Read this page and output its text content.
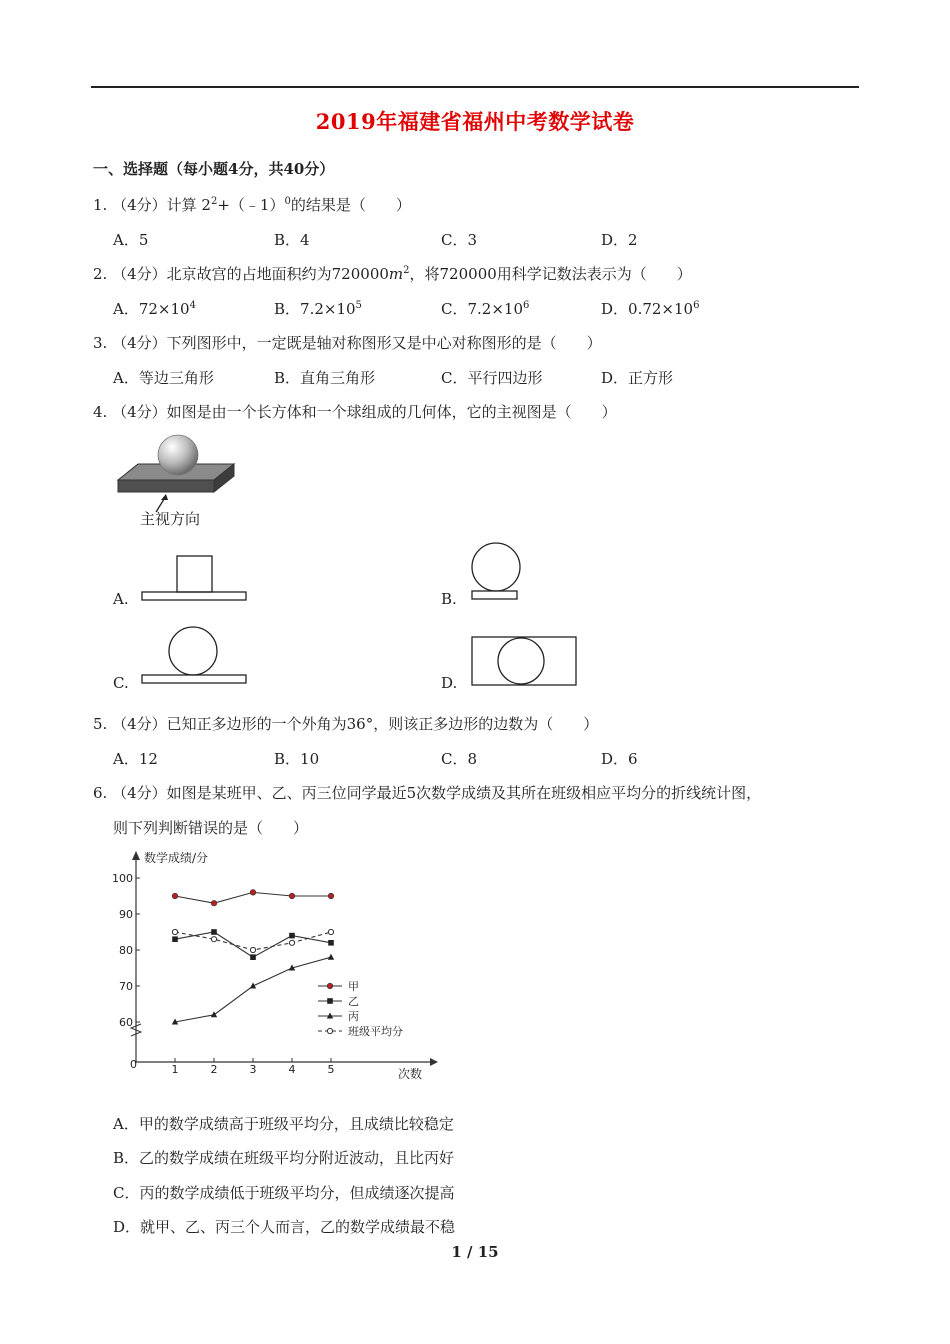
2019年福建省福州中考数学试卷
一、选择题（每小题4分，共40分）
1. （4分）计算 $2^2+(﹣1)^0$的结果是（　　）
A．5	B．4	C．3	D．2
2. （4分）北京故宫的占地面积约为$720000m^2$，将720000用科学记数法表示为（　　）
A．$72\times 10^4$	B．$7.2\times 10^5$	C．$7.2\times 10^6$	D．$0.72\times 10^6$
3. （4分）下列图形中，一定既是轴对称图形又是中心对称图形的是（　　）
A．等边三角形	B．直角三角形	C．平行四边形	D．正方形
4. （4分）如图是由一个长方体和一个球组成的几何体，它的主视图是（　　）
主视方向
A.	B.
C.	D.
5. （4分）已知正多边形的一个外角为36°，则该正多边形的边数为（　　）
A．12	B．10	C．8	D．6
6. （4分）如图是某班甲、乙、丙三位同学最近5次数学成绩及其所在班级相应平均分的折线统计图，
则下列判断错误的是（　　）
数学成绩/分
次数
0
100
90
80
70
60
1	2	3	4	5
甲
乙
丙
班级平均分
A．甲的数学成绩高于班级平均分，且成绩比较稳定
B．乙的数学成绩在班级平均分附近波动，且比丙好
C．丙的数学成绩低于班级平均分，但成绩逐次提高
D．就甲、乙、丙三个人而言，乙的数学成绩最不稳
1 / 15
